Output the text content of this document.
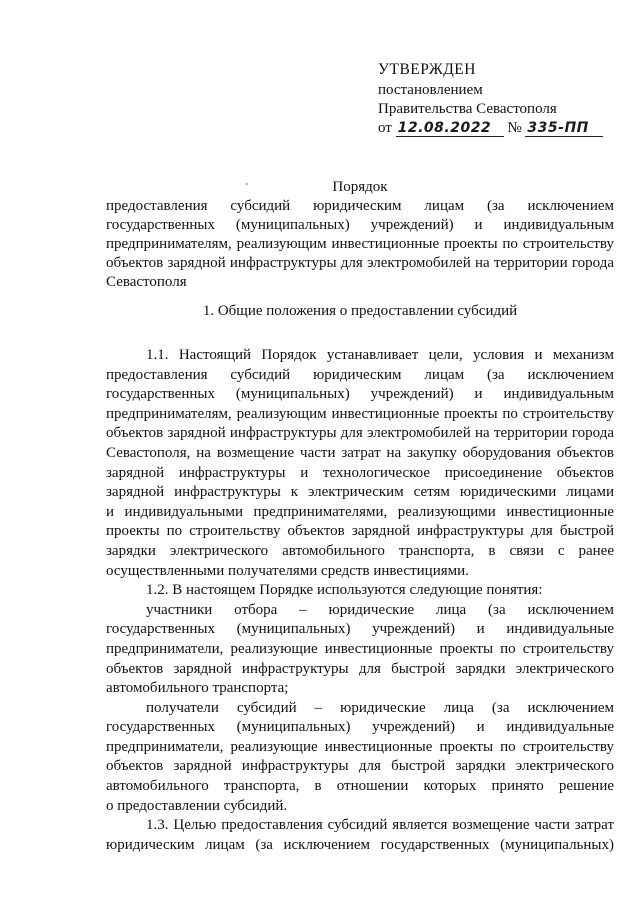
УТВЕРЖДЕН
постановлением
Правительства Севастополя
от 12.08.2022 № 335-ПП
Порядок
предоставления субсидий юридическим лицам (за исключением
государственных (муниципальных) учреждений) и индивидуальным
предпринимателям, реализующим инвестиционные проекты по строительству
объектов зарядной инфраструктуры для электромобилей на территории города
Севастополя
1. Общие положения о предоставлении субсидий
1.1. Настоящий Порядок устанавливает цели, условия и механизм
предоставления субсидий юридическим лицам (за исключением
государственных (муниципальных) учреждений) и индивидуальным
предпринимателям, реализующим инвестиционные проекты по строительству
объектов зарядной инфраструктуры для электромобилей на территории города
Севастополя, на возмещение части затрат на закупку оборудования объектов
зарядной инфраструктуры и технологическое присоединение объектов
зарядной инфраструктуры к электрическим сетям юридическими лицами
и индивидуальными предпринимателями, реализующими инвестиционные
проекты по строительству объектов зарядной инфраструктуры для быстрой
зарядки электрического автомобильного транспорта, в связи с ранее
осуществленными получателями средств инвестициями.
1.2. В настоящем Порядке используются следующие понятия:
участники отбора – юридические лица (за исключением
государственных (муниципальных) учреждений) и индивидуальные
предприниматели, реализующие инвестиционные проекты по строительству
объектов зарядной инфраструктуры для быстрой зарядки электрического
автомобильного транспорта;
получатели субсидий – юридические лица (за исключением
государственных (муниципальных) учреждений) и индивидуальные
предприниматели, реализующие инвестиционные проекты по строительству
объектов зарядной инфраструктуры для быстрой зарядки электрического
автомобильного транспорта, в отношении которых принято решение
о предоставлении субсидий.
1.3. Целью предоставления субсидий является возмещение части затрат
юридическим лицам (за исключением государственных (муниципальных)
